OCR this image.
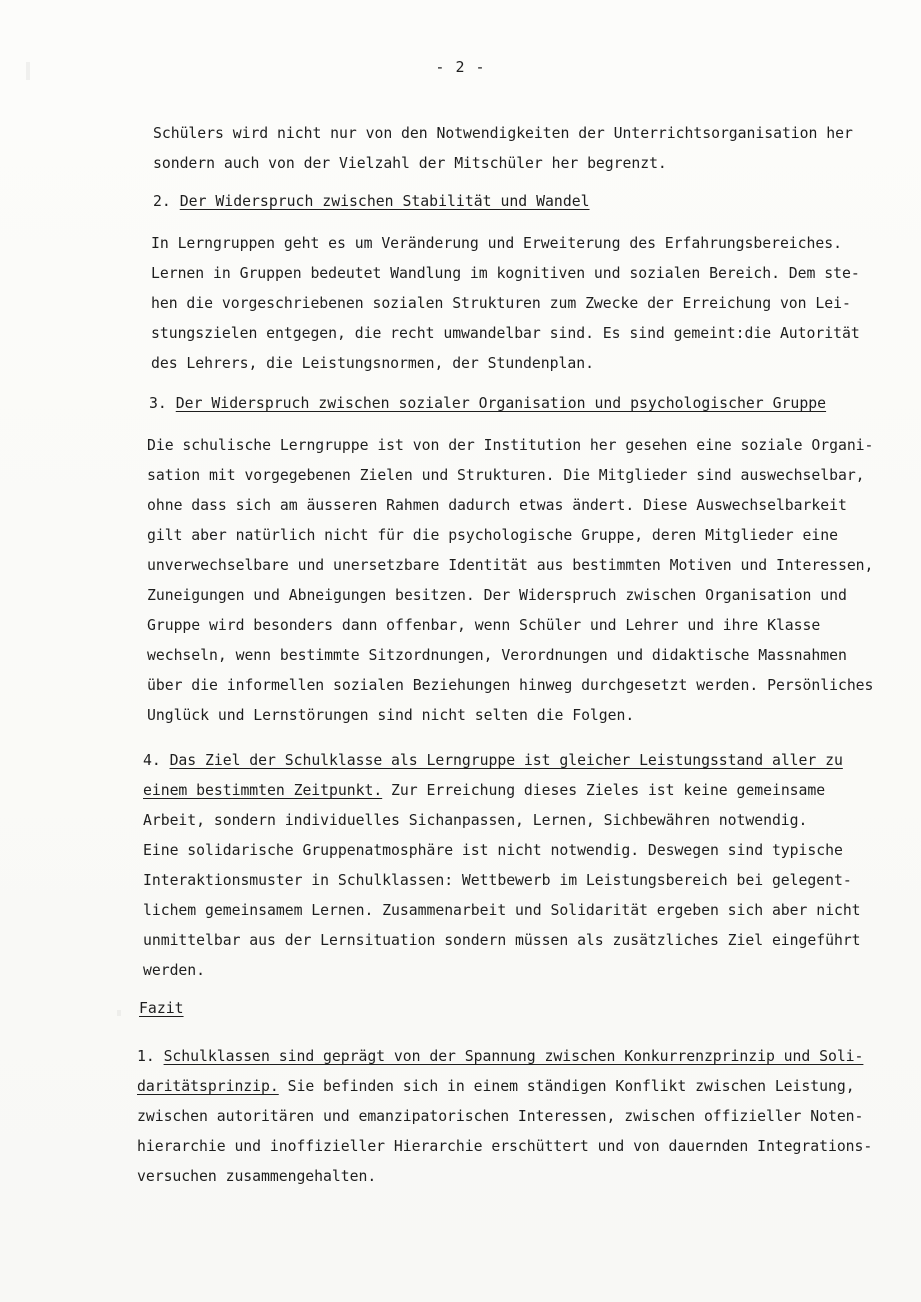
- 2 -
Schülers wird nicht nur von den Notwendigkeiten der Unterrichtsorganisation her
sondern auch von der Vielzahl der Mitschüler her begrenzt.
2. Der Widerspruch zwischen Stabilität und Wandel
In Lerngruppen geht es um Veränderung und Erweiterung des Erfahrungsbereiches.
Lernen in Gruppen bedeutet Wandlung im kognitiven und sozialen Bereich. Dem ste-
hen die vorgeschriebenen sozialen Strukturen zum Zwecke der Erreichung von Lei-
stungszielen entgegen, die recht umwandelbar sind. Es sind gemeint:die Autorität
des Lehrers, die Leistungsnormen, der Stundenplan.
3. Der Widerspruch zwischen sozialer Organisation und psychologischer Gruppe
Die schulische Lerngruppe ist von der Institution her gesehen eine soziale Organi-
sation mit vorgegebenen Zielen und Strukturen. Die Mitglieder sind auswechselbar,
ohne dass sich am äusseren Rahmen dadurch etwas ändert. Diese Auswechselbarkeit
gilt aber natürlich nicht für die psychologische Gruppe, deren Mitglieder eine
unverwechselbare und unersetzbare Identität aus bestimmten Motiven und Interessen,
Zuneigungen und Abneigungen besitzen. Der Widerspruch zwischen Organisation und
Gruppe wird besonders dann offenbar, wenn Schüler und Lehrer und ihre Klasse
wechseln, wenn bestimmte Sitzordnungen, Verordnungen und didaktische Massnahmen
über die informellen sozialen Beziehungen hinweg durchgesetzt werden. Persönliches
Unglück und Lernstörungen sind nicht selten die Folgen.
4. Das Ziel der Schulklasse als Lerngruppe ist gleicher Leistungsstand aller zu
einem bestimmten Zeitpunkt. Zur Erreichung dieses Zieles ist keine gemeinsame
Arbeit, sondern individuelles Sichanpassen, Lernen, Sichbewähren notwendig.
Eine solidarische Gruppenatmosphäre ist nicht notwendig. Deswegen sind typische
Interaktionsmuster in Schulklassen: Wettbewerb im Leistungsbereich bei gelegent-
lichem gemeinsamem Lernen. Zusammenarbeit und Solidarität ergeben sich aber nicht
unmittelbar aus der Lernsituation sondern müssen als zusätzliches Ziel eingeführt
werden.
Fazit
1. Schulklassen sind geprägt von der Spannung zwischen Konkurrenzprinzip und Soli-
daritätsprinzip. Sie befinden sich in einem ständigen Konflikt zwischen Leistung,
zwischen autoritären und emanzipatorischen Interessen, zwischen offizieller Noten-
hierarchie und inoffizieller Hierarchie erschüttert und von dauernden Integrations-
versuchen zusammengehalten.
